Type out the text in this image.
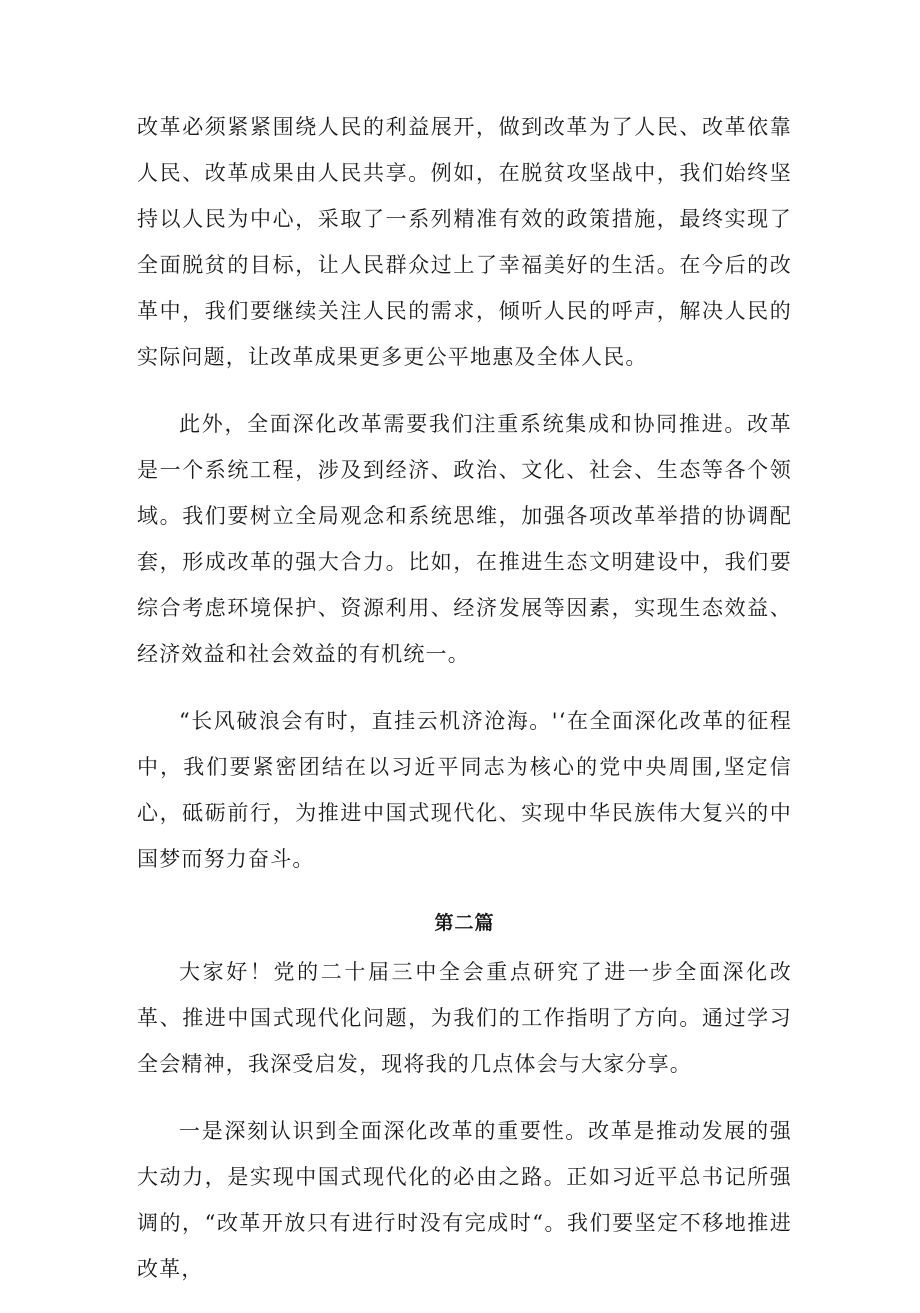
改革必须紧紧围绕人民的利益展开，做到改革为了人民、改革依靠人民、改革成果由人民共享。例如，在脱贫攻坚战中，我们始终坚持以人民为中心，采取了一系列精准有效的政策措施，最终实现了全面脱贫的目标，让人民群众过上了幸福美好的生活。在今后的改革中，我们要继续关注人民的需求，倾听人民的呼声，解决人民的实际问题，让改革成果更多更公平地惠及全体人民。

此外，全面深化改革需要我们注重系统集成和协同推进。改革是一个系统工程，涉及到经济、政治、文化、社会、生态等各个领域。我们要树立全局观念和系统思维，加强各项改革举措的协调配套，形成改革的强大合力。比如，在推进生态文明建设中，我们要综合考虑环境保护、资源利用、经济发展等因素，实现生态效益、经济效益和社会效益的有机统一。

“长风破浪会有时，直挂云机济沧海。'‘在全面深化改革的征程中，我们要紧密团结在以习近平同志为核心的党中央周围,坚定信心，砥砺前行，为推进中国式现代化、实现中华民族伟大复兴的中国梦而努力奋斗。

第二篇

大家好！党的二十届三中全会重点研究了进一步全面深化改革、推进中国式现代化问题，为我们的工作指明了方向。通过学习全会精神，我深受启发，现将我的几点体会与大家分享。

一是深刻认识到全面深化改革的重要性。改革是推动发展的强大动力，是实现中国式现代化的必由之路。正如习近平总书记所强调的，“改革开放只有进行时没有完成时“。我们要坚定不移地推进改革，
